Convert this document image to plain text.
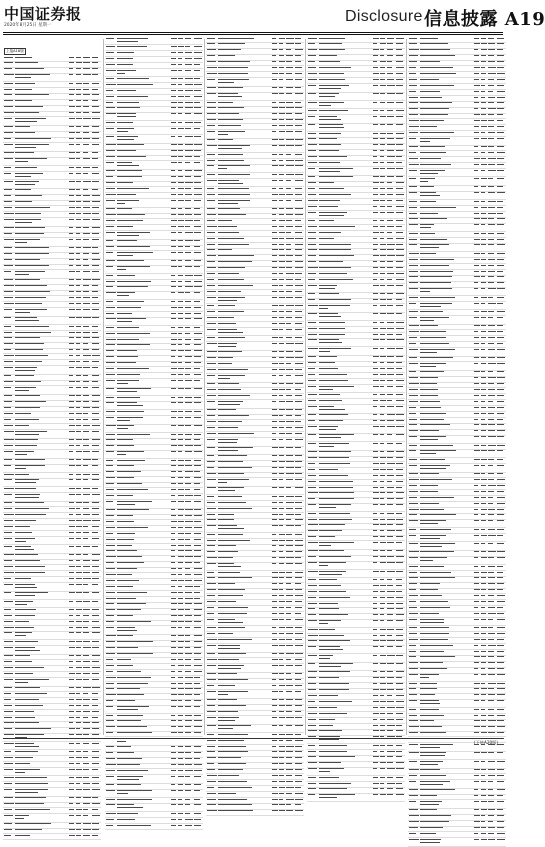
中国证券报
2020年8月25日 星期一
Disclosure 信息披露 A19
上接A18版
(下转A20版)
